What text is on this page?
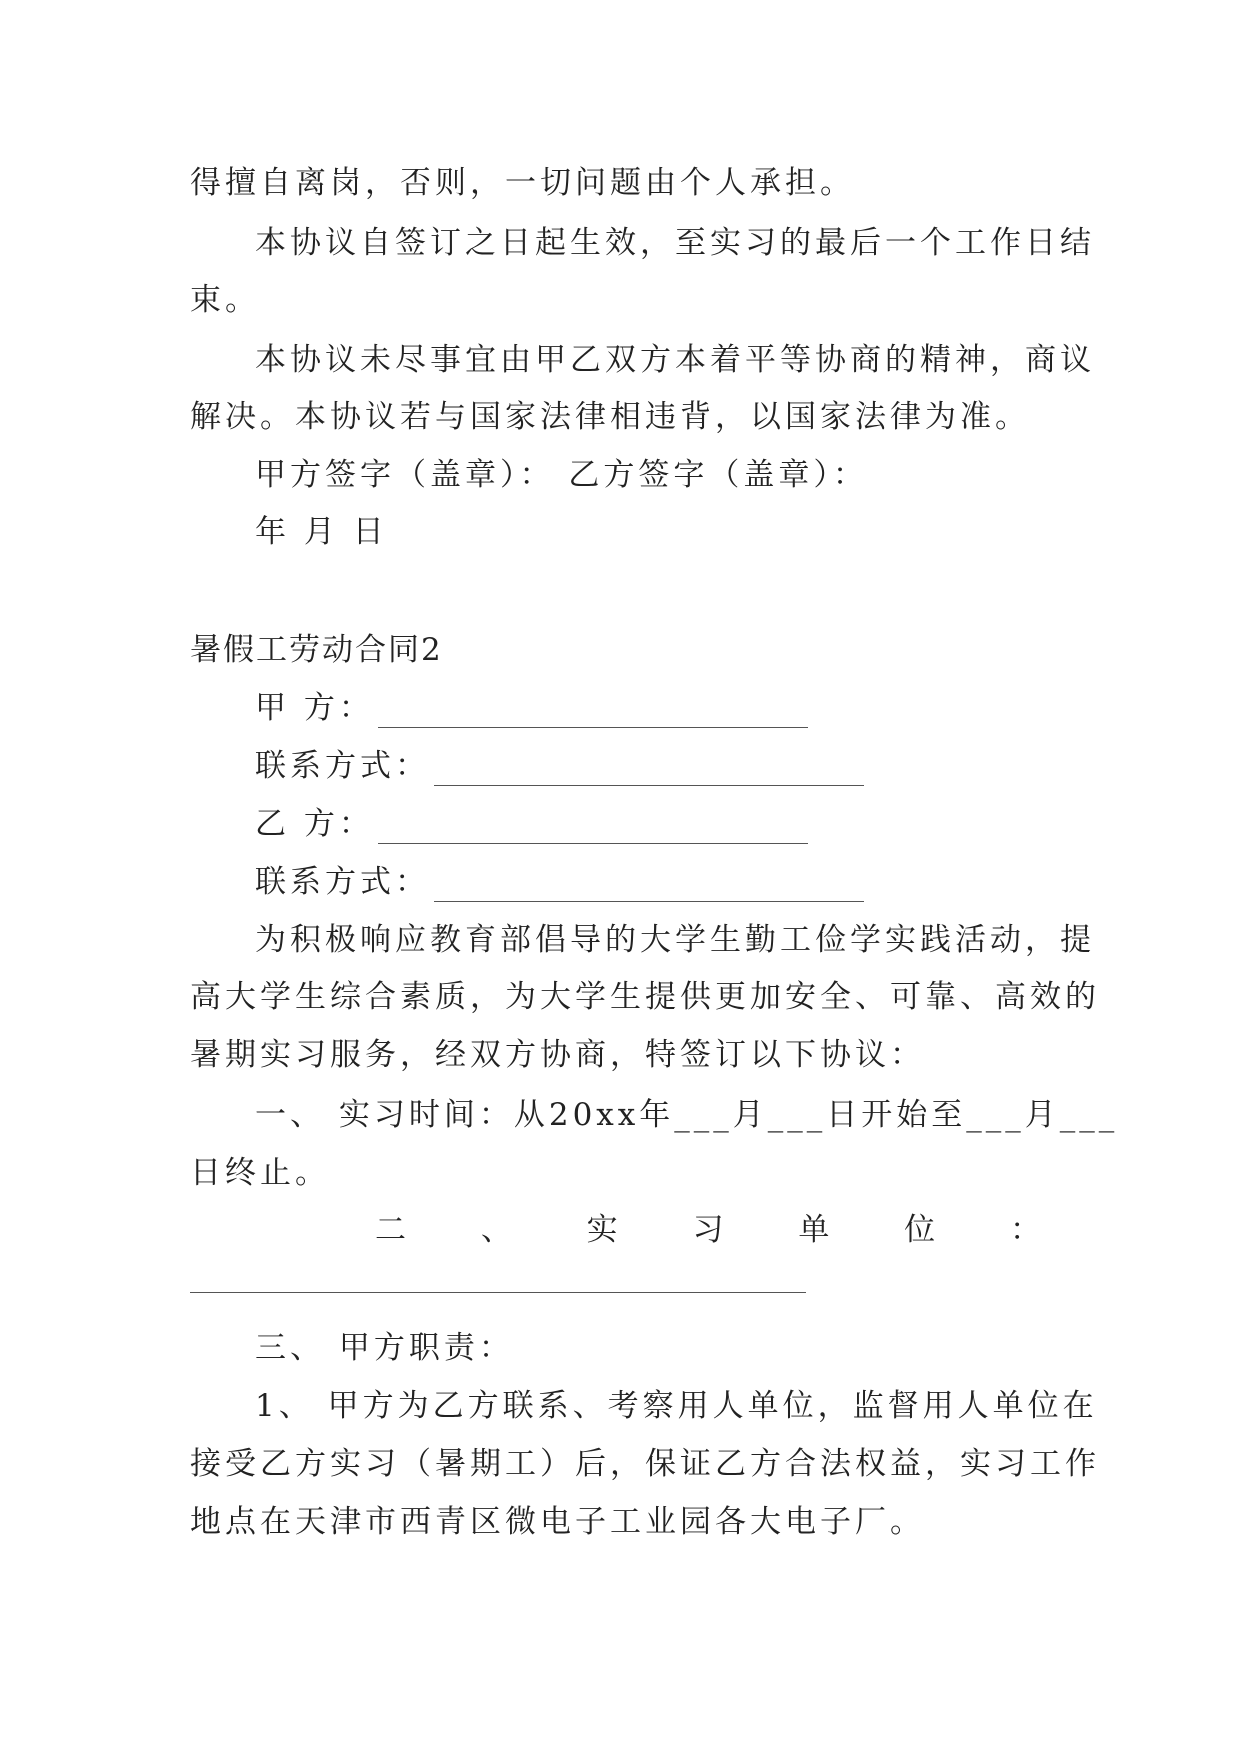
得擅自离岗，否则，一切问题由个人承担。
本协议自签订之日起生效，至实习的最后一个工作日结
束。
本协议未尽事宜由甲乙双方本着平等协商的精神，商议
解决。本协议若与国家法律相违背，以国家法律为准。
甲方签字（盖章）： 乙方签字（盖章）：
年 月 日
暑假工劳动合同2
甲 方：
联系方式：
乙 方：
联系方式：
为积极响应教育部倡导的大学生勤工俭学实践活动，提
高大学生综合素质，为大学生提供更加安全、可靠、高效的
暑期实习服务，经双方协商，特签订以下协议：
一、 实习时间：从20xx年___月___日开始至___月___
日终止。
二 、 实 习 单 位 ：
三、 甲方职责：
1、 甲方为乙方联系、考察用人单位，监督用人单位在
接受乙方实习（暑期工）后，保证乙方合法权益，实习工作
地点在天津市西青区微电子工业园各大电子厂。
